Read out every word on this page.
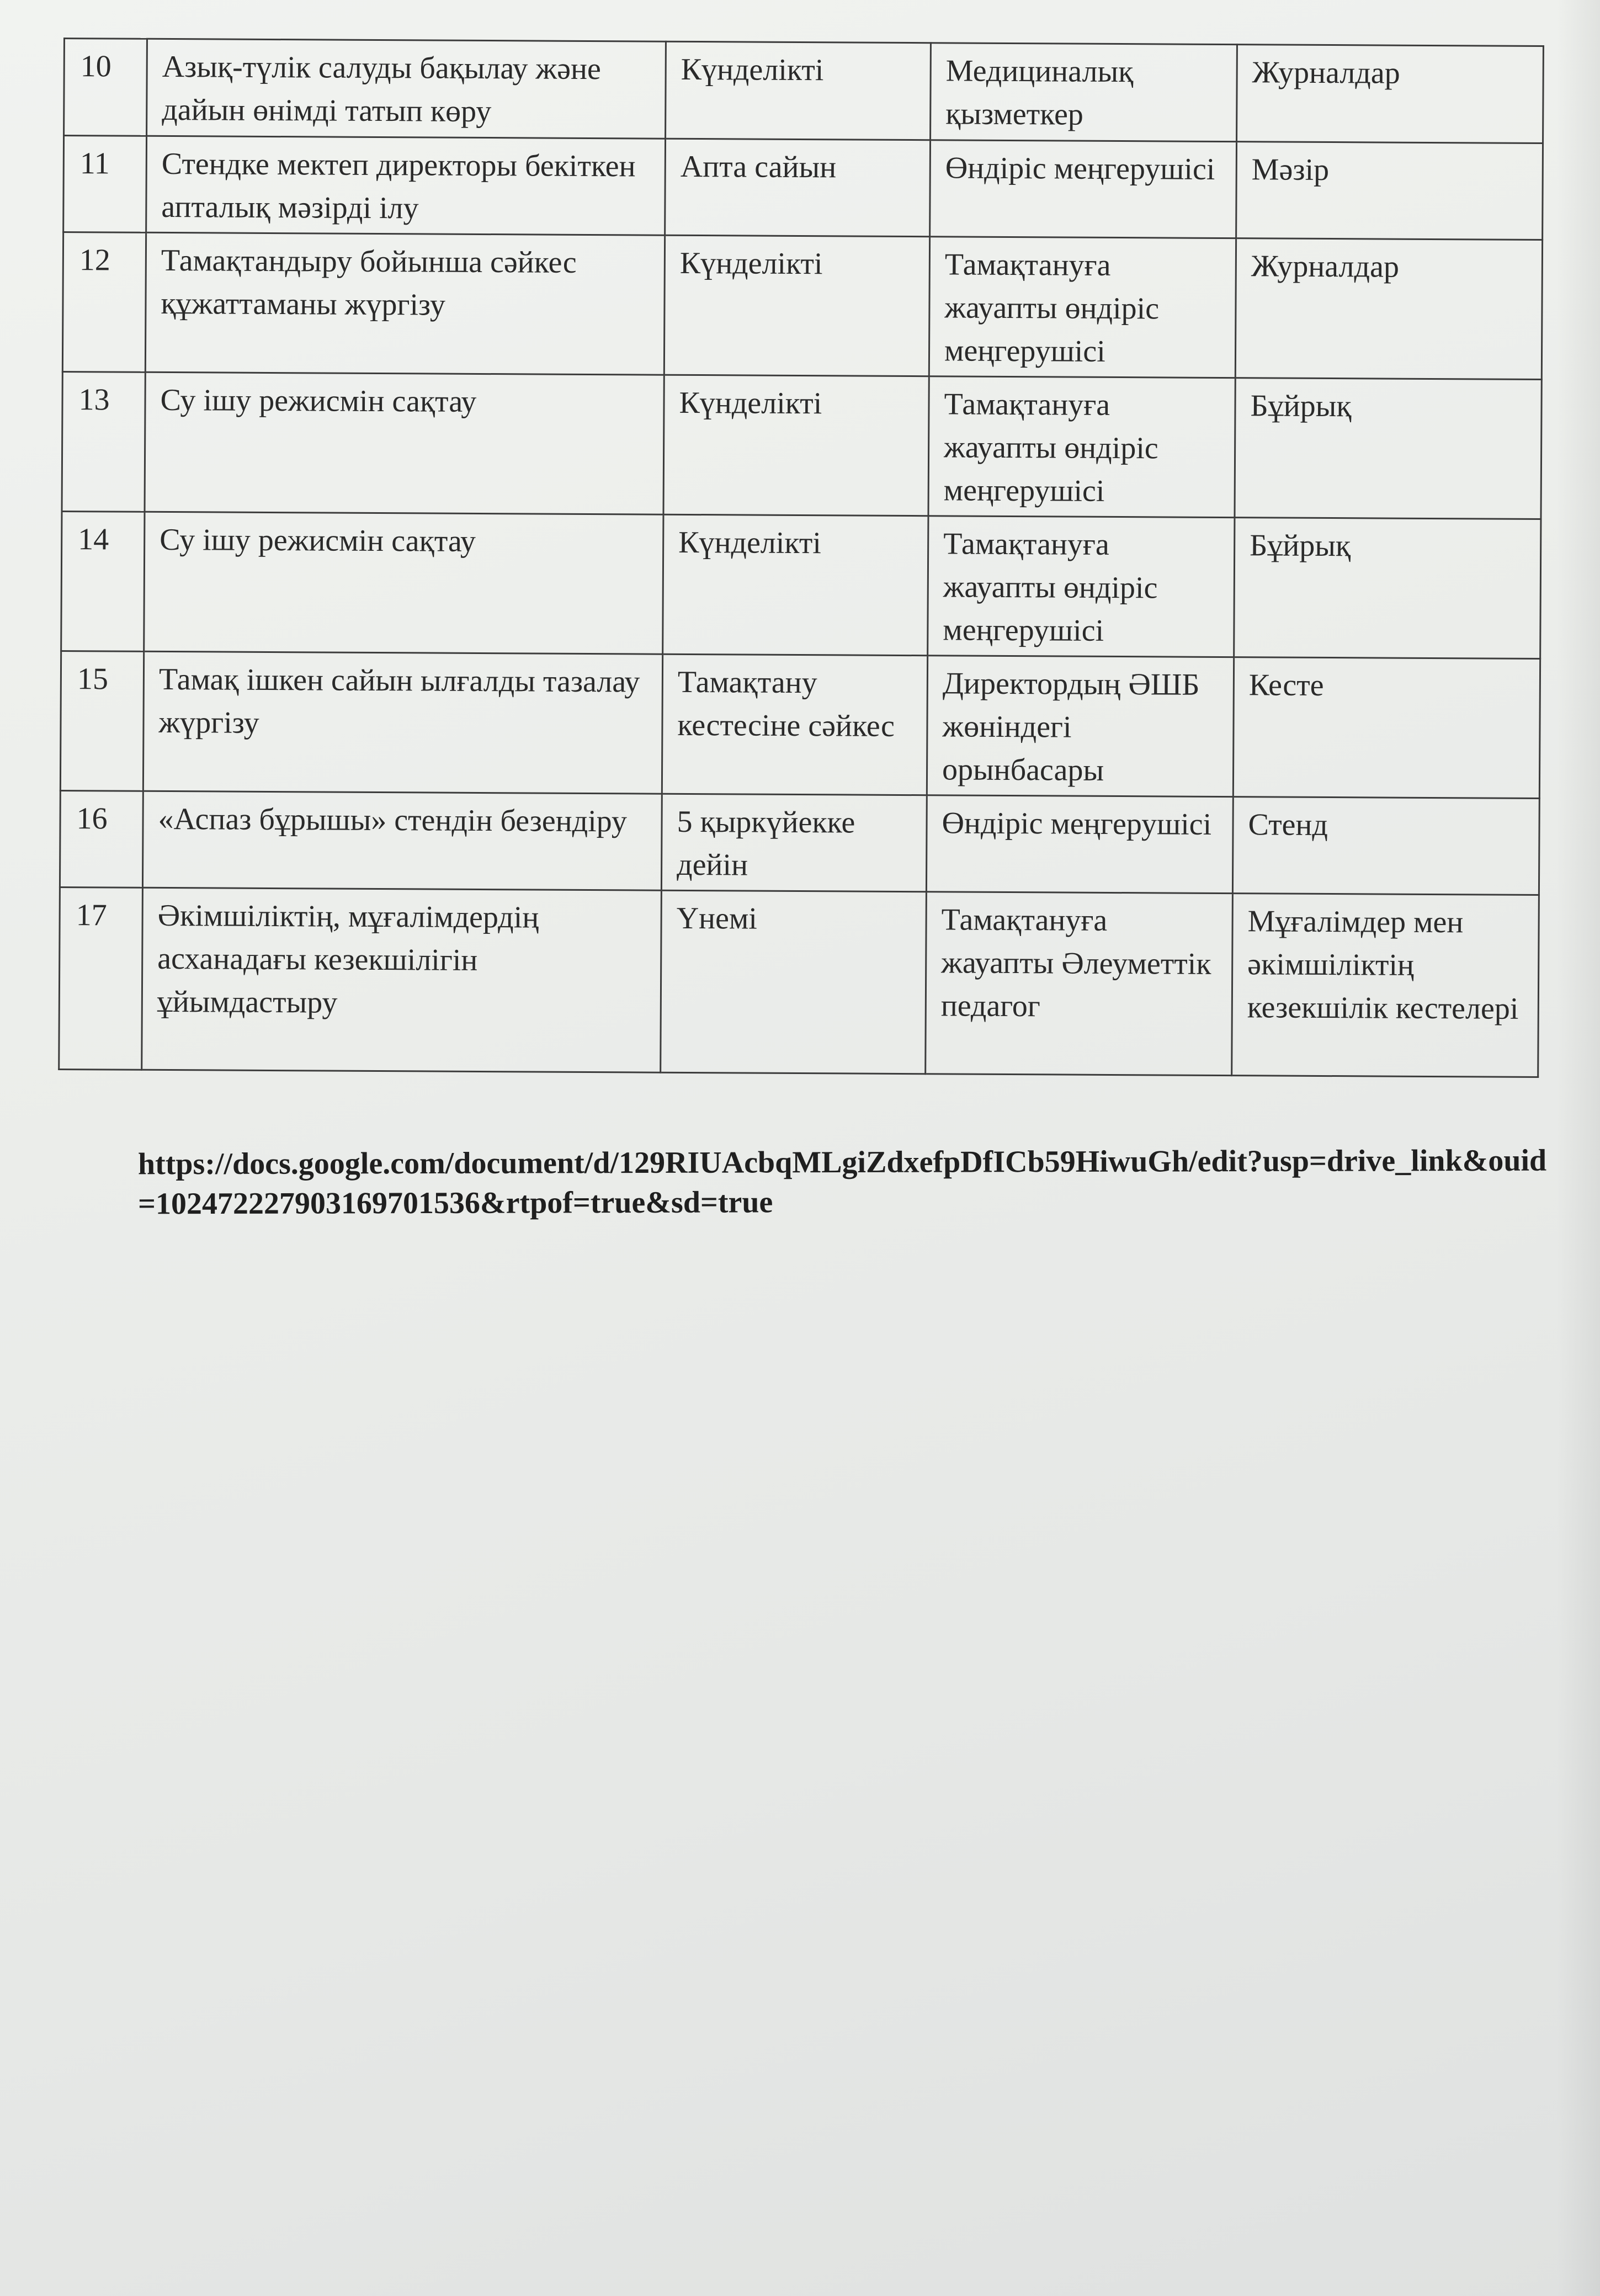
10	Азық-түлік салуды бақылау және дайын өнімді татып көру	Күнделікті	Медициналық қызметкер	Журналдар
11	Стендке мектеп директоры бекіткен апталық мәзірді ілу	Апта сайын	Өндіріс меңгерушісі	Мәзір
12	Тамақтандыру бойынша сәйкес құжаттаманы жүргізу	Күнделікті	Тамақтануға жауапты өндіріс меңгерушісі	Журналдар
13	Су ішу режисмін сақтау	Күнделікті	Тамақтануға жауапты өндіріс меңгерушісі	Бұйрық
14	Су ішу режисмін сақтау	Күнделікті	Тамақтануға жауапты өндіріс меңгерушісі	Бұйрық
15	Тамақ ішкен сайын ылғалды тазалау жүргізу	Тамақтану кестесіне сәйкес	Директордың ӘШБ жөніндегі орынбасары	Кесте
16	«Аспаз бұрышы» стендін безендіру	5 қыркүйекке дейін	Өндіріс меңгерушісі	Стенд
17	Әкімшіліктің, мұғалімдердің асханадағы кезекшілігін ұйымдастыру	Үнемі	Тамақтануға жауапты Әлеуметтік педагог	Мұғалімдер мен әкімшіліктің кезекшілік кестелері
https://docs.google.com/document/d/129RIUAcbqMLgiZdxefpDfICb59HiwuGh/edit?usp=drive_link&ouid=102472227903169701536&rtpof=true&sd=true
